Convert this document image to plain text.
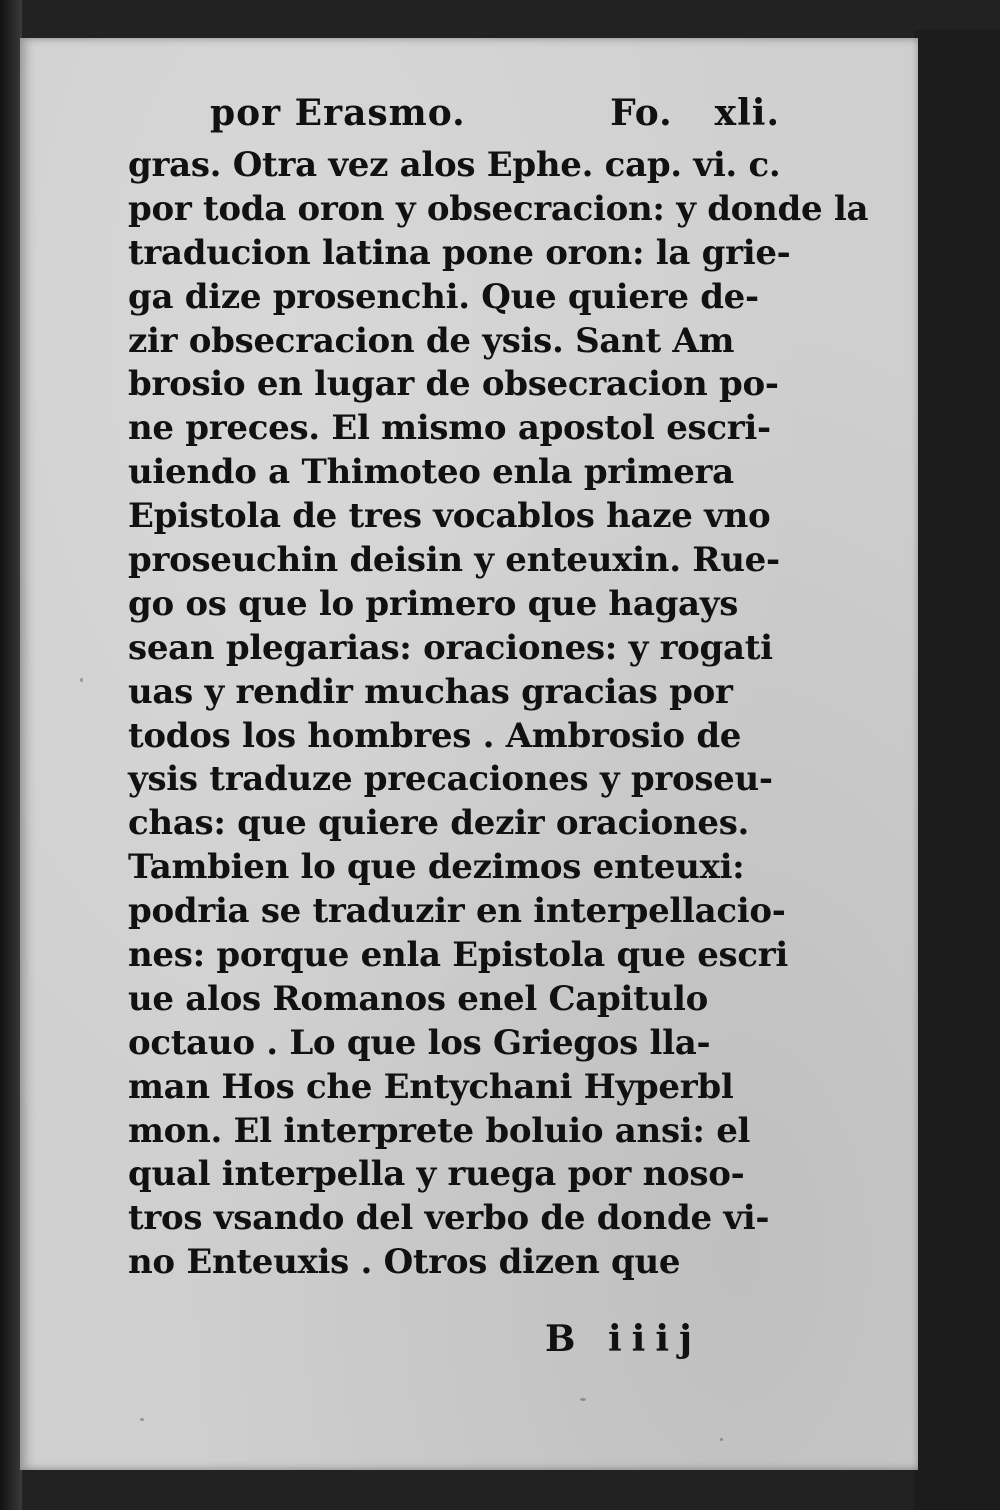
por Erasmo.	Fo. xli.
gras. Otra vez alos Ephe. cap. vi. c.
por toda oron y obsecracion: y donde la
traducion latina pone oron: la grie-
ga dize prosenchi. Que quiere de-
zir obsecracion de ysis. Sant Am
brosio en lugar de obsecracion po-
ne preces. El mismo apostol escri-
uiendo a Thimoteo enla primera
Epistola de tres vocablos haze vno
proseuchin deisin y enteuxin. Rue-
go os que lo primero que hagays
sean plegarias: oraciones: y rogati
uas y rendir muchas gracias por
todos los hombres . Ambrosio de
ysis traduze precaciones y proseu-
chas: que quiere dezir oraciones.
Tambien lo que dezimos enteuxi:
podria se traduzir en interpellacio-
nes: porque enla Epistola que escri
ue alos Romanos enel Capitulo
octauo . Lo que los Griegos lla-
man Hos che Entychani Hyperbl
mon. El interprete boluio ansi: el
qual interpella y ruega por noso-
tros vsando del verbo de donde vi-
no Enteuxis . Otros dizen que
B iiij
